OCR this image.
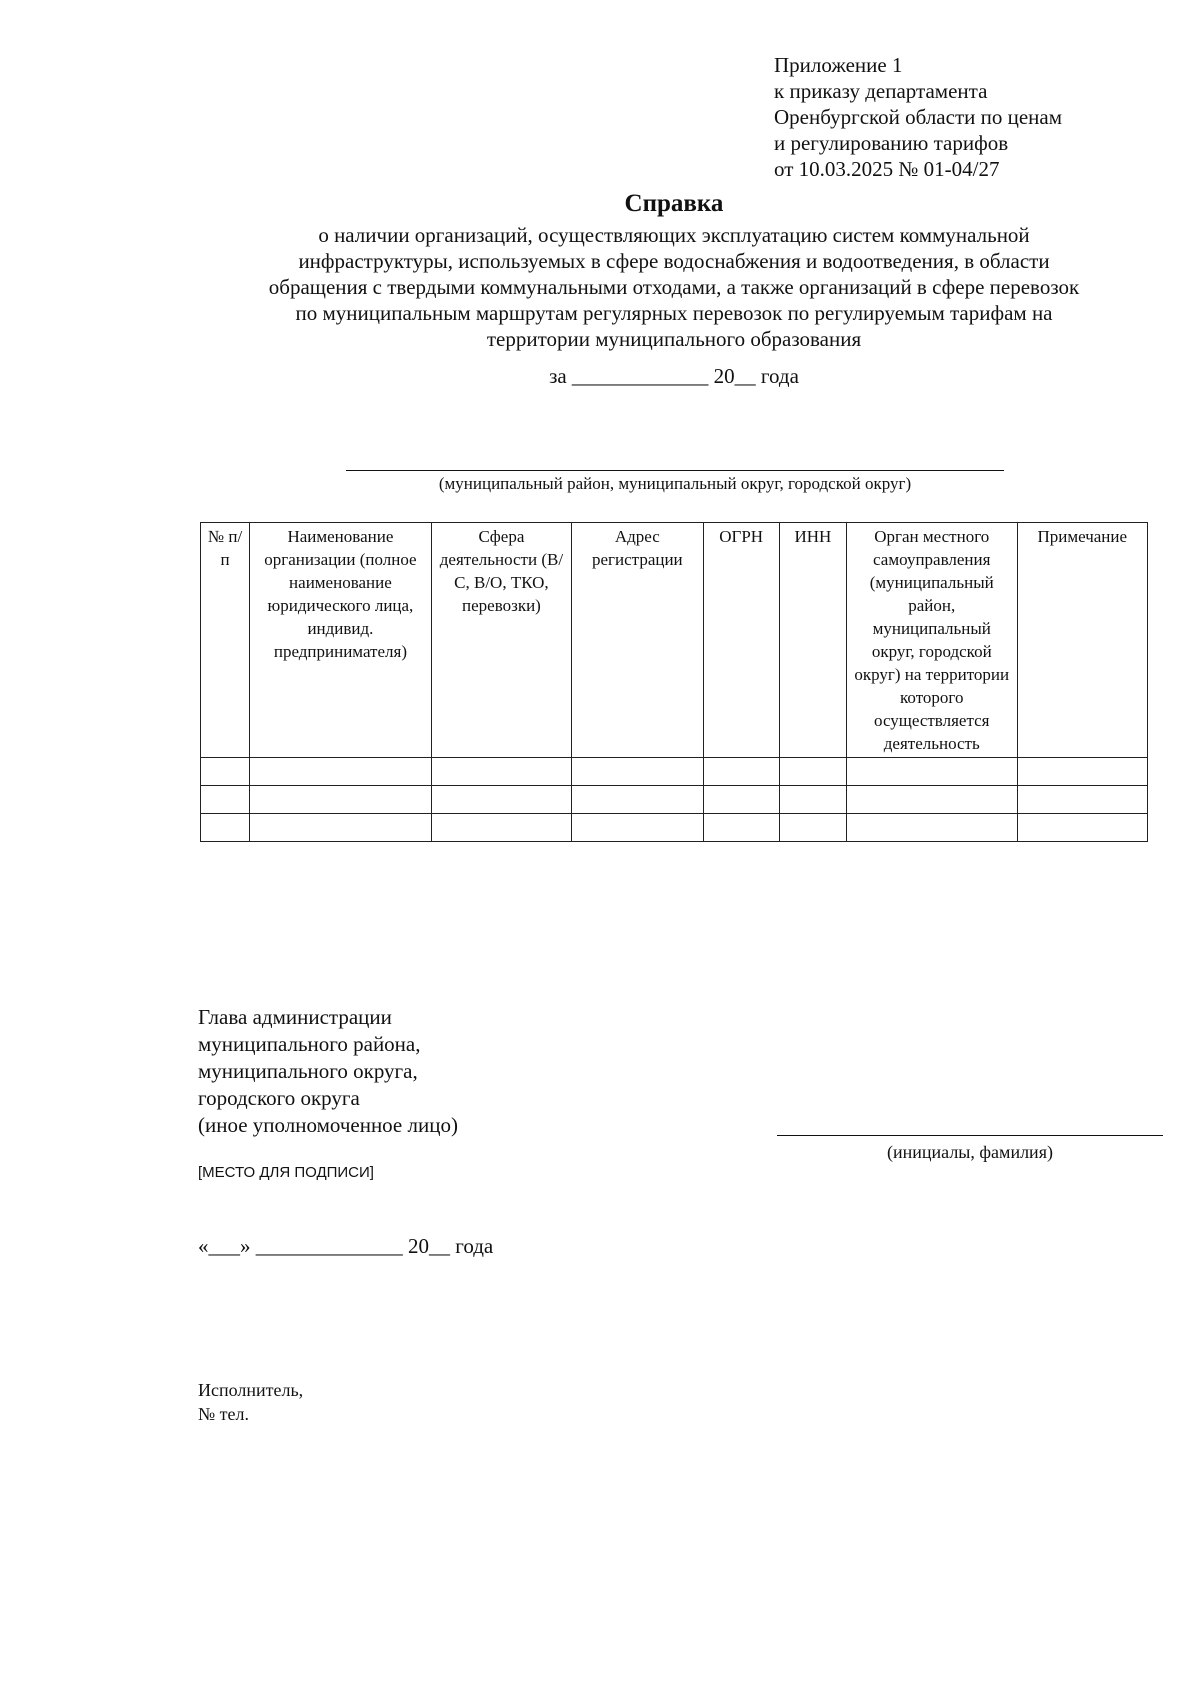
Приложение 1
к приказу департамента
Оренбургской области по ценам
и регулированию тарифов
от 10.03.2025 № 01-04/27
Справка
о наличии организаций, осуществляющих эксплуатацию систем коммунальной
инфраструктуры, используемых в сфере водоснабжения и водоотведения, в области
обращения с твердыми коммунальными отходами, а также организаций в сфере перевозок
по муниципальным маршрутам регулярных перевозок по регулируемым тарифам на
территории муниципального образования
за _____________ 20__ года
(муниципальный район, муниципальный округ, городской округ)
№ п/п	Наименование организации (полное наименование юридического лица, индивид. предпринимателя)	Сфера деятельности (В/С, В/О, ТКО, перевозки)	Адрес регистрации	ОГРН	ИНН	Орган местного самоуправления (муниципальный район, муниципальный округ, городской округ) на территории которого осуществляется деятельность	Примечание

Глава администрации
муниципального района,
муниципального округа,
городского округа
(иное уполномоченное лицо)
(инициалы, фамилия)
[МЕСТО ДЛЯ ПОДПИСИ]
«___» ______________ 20__ года
Исполнитель,
№ тел.
